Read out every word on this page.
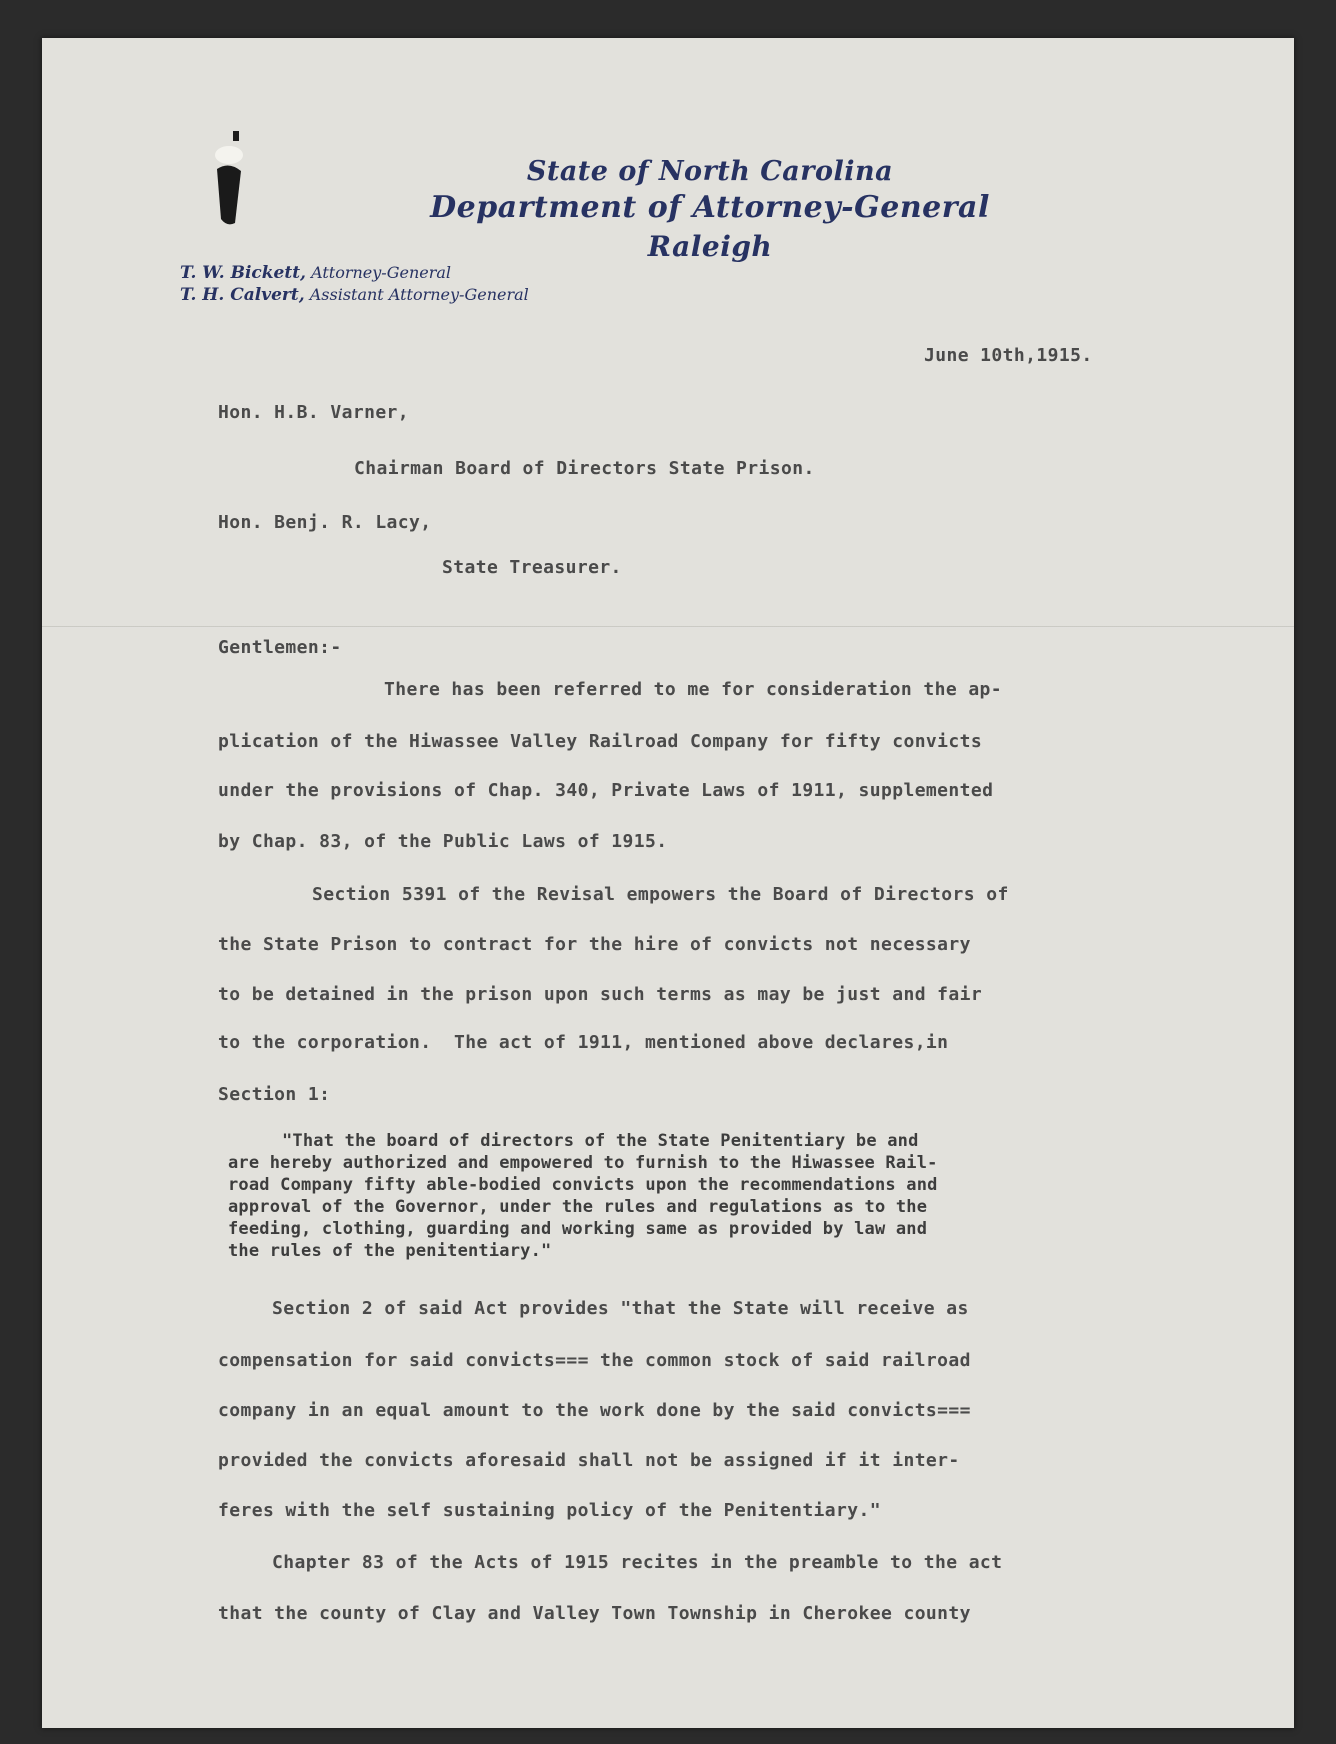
State of North Carolina
Department of Attorney-General
Raleigh
T. W. Bickett, Attorney-General
T. H. Calvert, Assistant Attorney-General
June 10th,1915.
Hon. H.B. Varner,
Chairman Board of Directors State Prison.
Hon. Benj. R. Lacy,
State Treasurer.
Gentlemen:-
There has been referred to me for consideration the ap-
plication of the Hiwassee Valley Railroad Company for fifty convicts
under the provisions of Chap. 340, Private Laws of 1911, supplemented
by Chap. 83, of the Public Laws of 1915.
Section 5391 of the Revisal empowers the Board of Directors of
the State Prison to contract for the hire of convicts not necessary
to be detained in the prison upon such terms as may be just and fair
to the corporation.  The act of 1911, mentioned above declares,in
Section 1:
"That the board of directors of the State Penitentiary be and
are hereby authorized and empowered to furnish to the Hiwassee Rail-
road Company fifty able-bodied convicts upon the recommendations and
approval of the Governor, under the rules and regulations as to the
feeding, clothing, guarding and working same as provided by law and
the rules of the penitentiary."
Section 2 of said Act provides "that the State will receive as
compensation for said convicts=== the common stock of said railroad
company in an equal amount to the work done by the said convicts===
provided the convicts aforesaid shall not be assigned if it inter-
feres with the self sustaining policy of the Penitentiary."
Chapter 83 of the Acts of 1915 recites in the preamble to the act
that the county of Clay and Valley Town Township in Cherokee county
